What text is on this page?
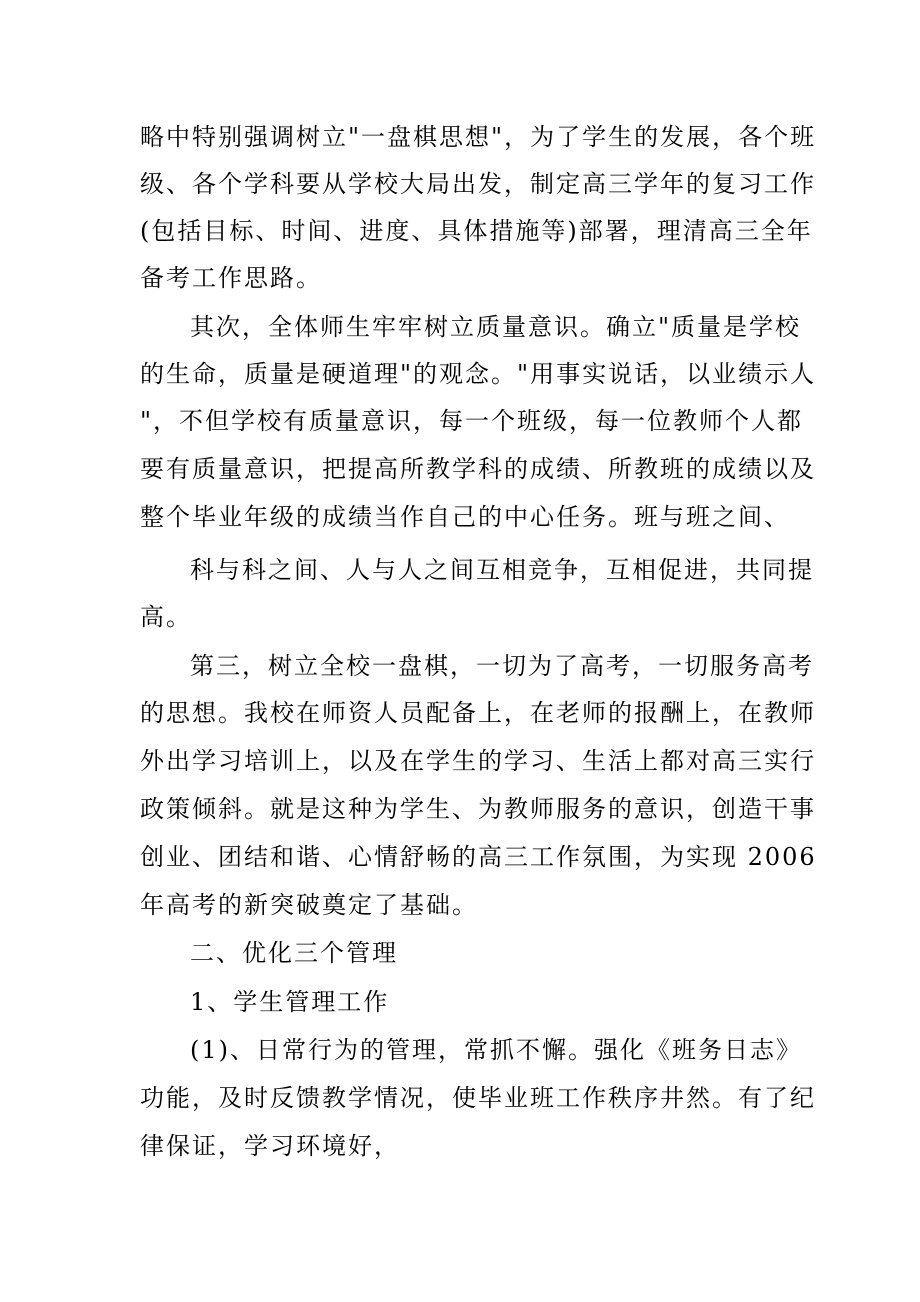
略中特别强调树立"一盘棋思想"，为了学生的发展，各个班
级、各个学科要从学校大局出发，制定高三学年的复习工作
(包括目标、时间、进度、具体措施等)部署，理清高三全年
备考工作思路。
其次，全体师生牢牢树立质量意识。确立"质量是学校
的生命，质量是硬道理"的观念。"用事实说话，以业绩示人
"，不但学校有质量意识，每一个班级，每一位教师个人都
要有质量意识，把提高所教学科的成绩、所教班的成绩以及
整个毕业年级的成绩当作自己的中心任务。班与班之间、
科与科之间、人与人之间互相竞争，互相促进，共同提
高。
第三，树立全校一盘棋，一切为了高考，一切服务高考
的思想。我校在师资人员配备上，在老师的报酬上，在教师
外出学习培训上，以及在学生的学习、生活上都对高三实行
政策倾斜。就是这种为学生、为教师服务的意识，创造干事
创业、团结和谐、心情舒畅的高三工作氛围，为实现 2006
年高考的新突破奠定了基础。
二、优化三个管理
1、学生管理工作
(1)、日常行为的管理，常抓不懈。强化《班务日志》
功能，及时反馈教学情况，使毕业班工作秩序井然。有了纪
律保证，学习环境好，
